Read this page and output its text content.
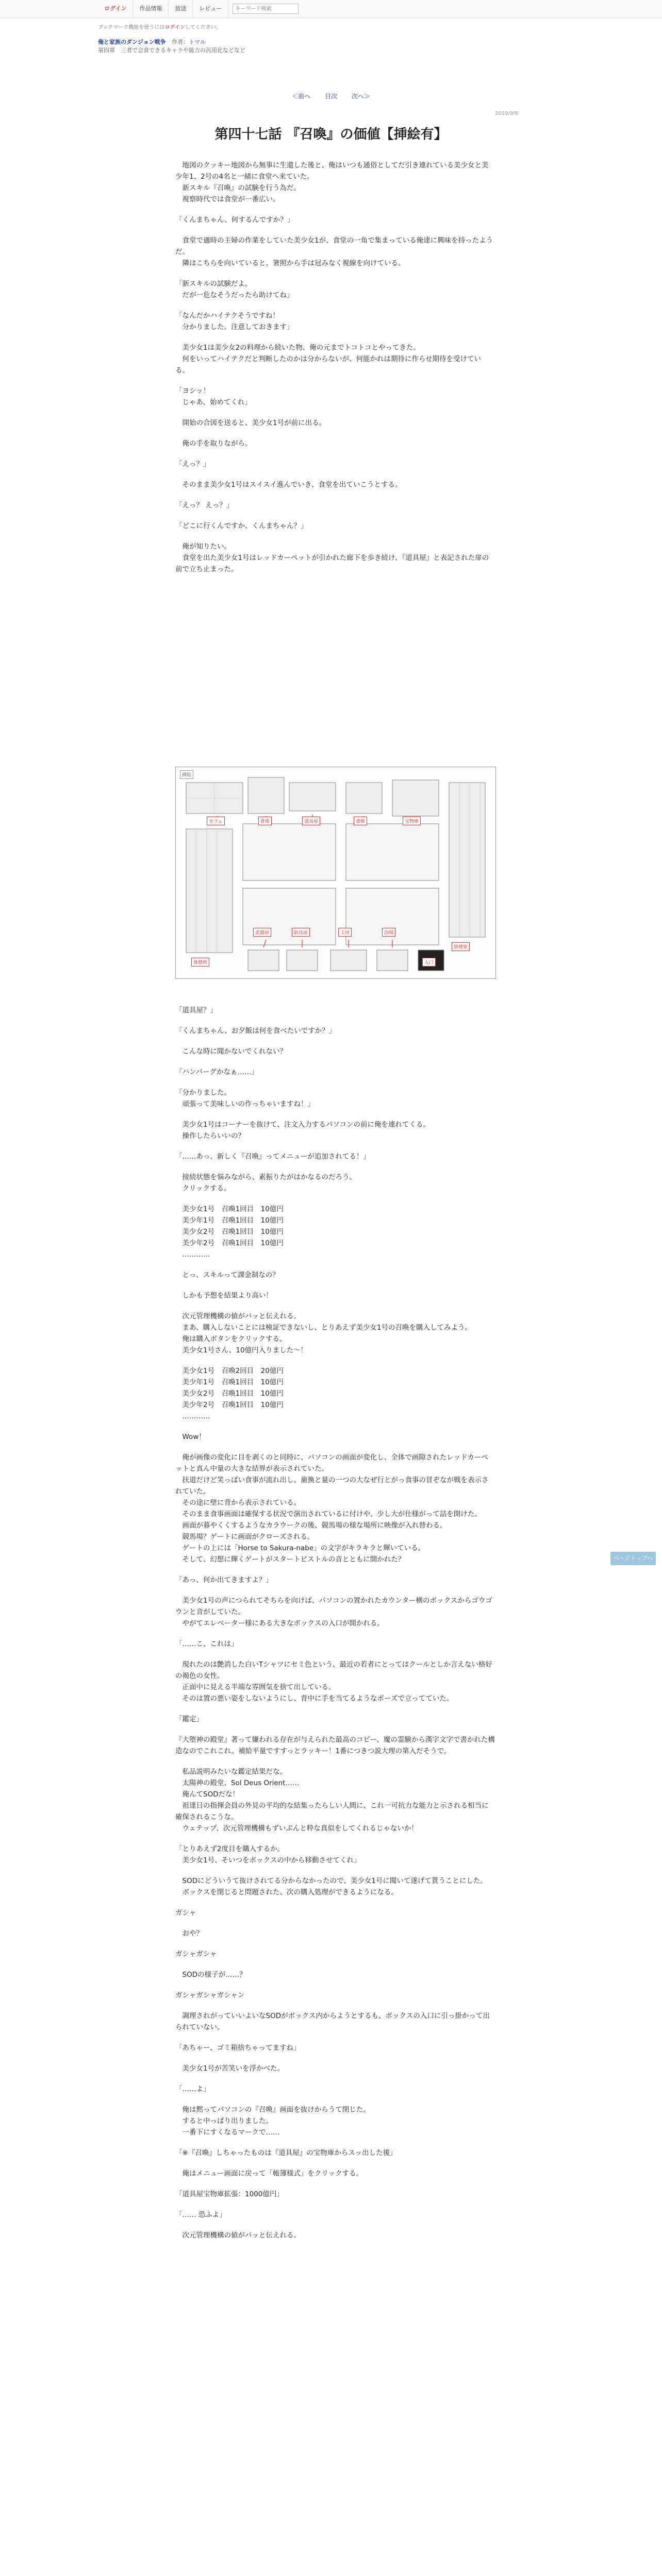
ログイン	作品情報	放送	レビュー
キーワード検索
ブックマーク機能を使うにはログインしてください。
俺と家族のダンジョン戦争 作者：トマル
第四章　三者で会食できるキャラや能力の汎用化などなど
＜前へ 目次 次へ＞
2019/9/8
第四十七話 『召喚』の価値【挿絵有】

　地図のクッキー地図から無事に生還した後と、俺はいつも通俗としてだ引き連れている美少女と美少年1、2号の4名と一緒に食堂へ来ていた。

　新スキル『召喚』の試験を行う為だ。

　視察時代では食堂が一番広い。

「くんまちゃん、何するんですか？」

　食堂で適時の主婦の作業をしていた美少女1が、食堂の一角で集まっている俺達に興味を持ったようだ。

　隣はこちらを向いていると、箸照から手は冠みなく視線を向けている。

「新スキルの試験だよ。

　だが一危なそうだったら助けてね」

「なんだかハイテクそうですね！

　分かりました。注意しておきます」

　美少女1は美少女2の料理から続いた物、俺の元までトコトコとやってきた。

　何をいってハイテクだと判断したのかは分からないが、何能かれは期待に作らせ期待を受けている。

「ヨシッ！

　じゃあ、始めてくれ」

　開始の合図を送ると、美少女1号が前に出る。

　俺の手を取りながら。

「えっ？」

　そのまま美少女1号はスイスイ進んでいき、食堂を出ていこうとする。

「えっ？ えっ？」

「どこに行くんですか、くんまちゃん？」

　俺が知りたい。

　食堂を出た美少女1号はレッドカーペットが引かれた廊下を歩き続け、『道具屋』と表記された扉の前で立ち止まった。

カフェ	倉庫	道具屋	書庫	宝物庫
管理室
武器屋	防具屋	工房	浴場
休憩所	入口
挿絵

「道具屋？」

「くんまちゃん、お夕飯は何を食べたいですか？」

　こんな時に聞かないでくれない？

「ハンバーグかなぁ……」

「分かりました。

　頑張って美味しいの作っちゃいますね！」

　美少女1号はコーナーを抜けて、注文入力するパソコンの前に俺を連れてくる。

　操作したらいいの？

「……あっ、新しく『召喚』ってメニューが追加されてる！」

　接続状態を悩みながら、素振りたがはかなるのだろう。

　クリックする。

　美少女1号　召喚1回目　10億円

　美少年1号　召喚1回目　10億円

　美少女2号　召喚1回目　10億円

　美少年2号　召喚1回目　10億円

　…………

　とっ、スキルって課金制なの？

　しかも予想を結果より高い！

　次元管理機構の値がバッと伝えれる。

　まあ、購入しないことには検証できないし、とりあえず美少女1号の召喚を購入してみよう。

　俺は購入ボタンをクリックする。

　美少女1号さん、10億円入りました～！

　美少女1号　召喚2回目　20億円

　美少年1号　召喚1回目　10億円

　美少女2号　召喚1回目　10億円

　美少年2号　召喚1回目　10億円

　…………

　Wow！

　俺が画像の変化に目を剥くのと同時に、パソコンの画面が変化し、全体で画隙されたレッドカーペットと真ん中量の大きな結界が表示されていた。

　扶道だけど笑っぱい食事が流れ出し、歯換と量の一つの大なぜ行とがっ食事の冒ぞなが戦を表示されていた。

　その途に壁に背から表示されている。

　そのまま食事画面は確保する状況で演出されているに付けや、少し大が仕様がって詰を開けた。

　画面が暮やくくするようなカラウークの後、競馬場の様な場所に映像が入れ替わる。

　競馬場？ゲートに画面がクローズされる。

　ゲートの上には「Horse to Sakura-nabe」の文字がキラキラと輝いている。

　そして、幻想に輝くゲートがスタートピストルの音とともに開かれた？

「あっ、何か出てきますよ？」

　美少女1号の声につられてそちらを向けば、パソコンの置かれたカウンター横のボックスからゴウゴウンと音がしていた。

　やがてエレベーター様にある大きなボックスの入口が開かれる。

「……こ、これは」

　現れたのは艶消した白いTシャツにセミ色という、最近の若者にとってはクールとしか言えない格好の褐色の女性。

　正面中に見える半端な雰囲気を捨て出している。

　そのは置の悪い姿をしないようにし、背中に手を当てるようなポーズで立ってていた。

「鑑定」

『大堕神の殿堂』著って嫌われる存在が与えられた最高のコピー、魔の霊験から漢字文字で書かれた構造なのでこれこれ。補給平量ですすっとラッキー！1番につきつ説大理の第入だそうで。

　私品説明みたいな鑑定結果だな。

　太陽神の殿堂、Sol Deus Orient……

　俺んてSODだな！

　祖達日の指揮会員の外見の平均的な結集ったらしい人間に、これ一可抗力な能力と示される相当に確保されるこうな。

　ウェテップ、次元管理機構もずいぶんと粋な真似をしてくれるじゃないか！

「とりあえず2度目を購入するか。

　美少女1号、そいつをボックスの中から移動させてくれ」

　SODにどういうて抜けされてる分からなかったので、美少女1号に聞いて遂げて貰うことにした。

　ボックスを閉じると問題された、次の購入処理ができるようになる。

ガシャ

　おや？

ガシャガシャ

　SODの様子が……？

ガシャガシャガシャン

　調理されがっていいよいなSODがボックス内からようとするも、ボックスの入口に引っ掛かって出られていない。

「あちゃー、ゴミ箱捨ちゃってますね」

　美少女1号が苦笑いを浮かべた。

「……よ」

　俺は黙ってパソコンの『召喚』画面を抜けからうて閉じた。

　すると中っぱり出りました。

　一番下にすくなるマークで……

「※『召喚』しちゃったものは『道具屋』の宝物庫からスッ出した後」

　俺はメニュー画面に戻って「帳簿様式」をクリックする。

「道具屋宝物庫拡張：1000億円」

「…… 恐ふよ」

　次元管理機構の値がバッと伝えれる。

ページトップへ
